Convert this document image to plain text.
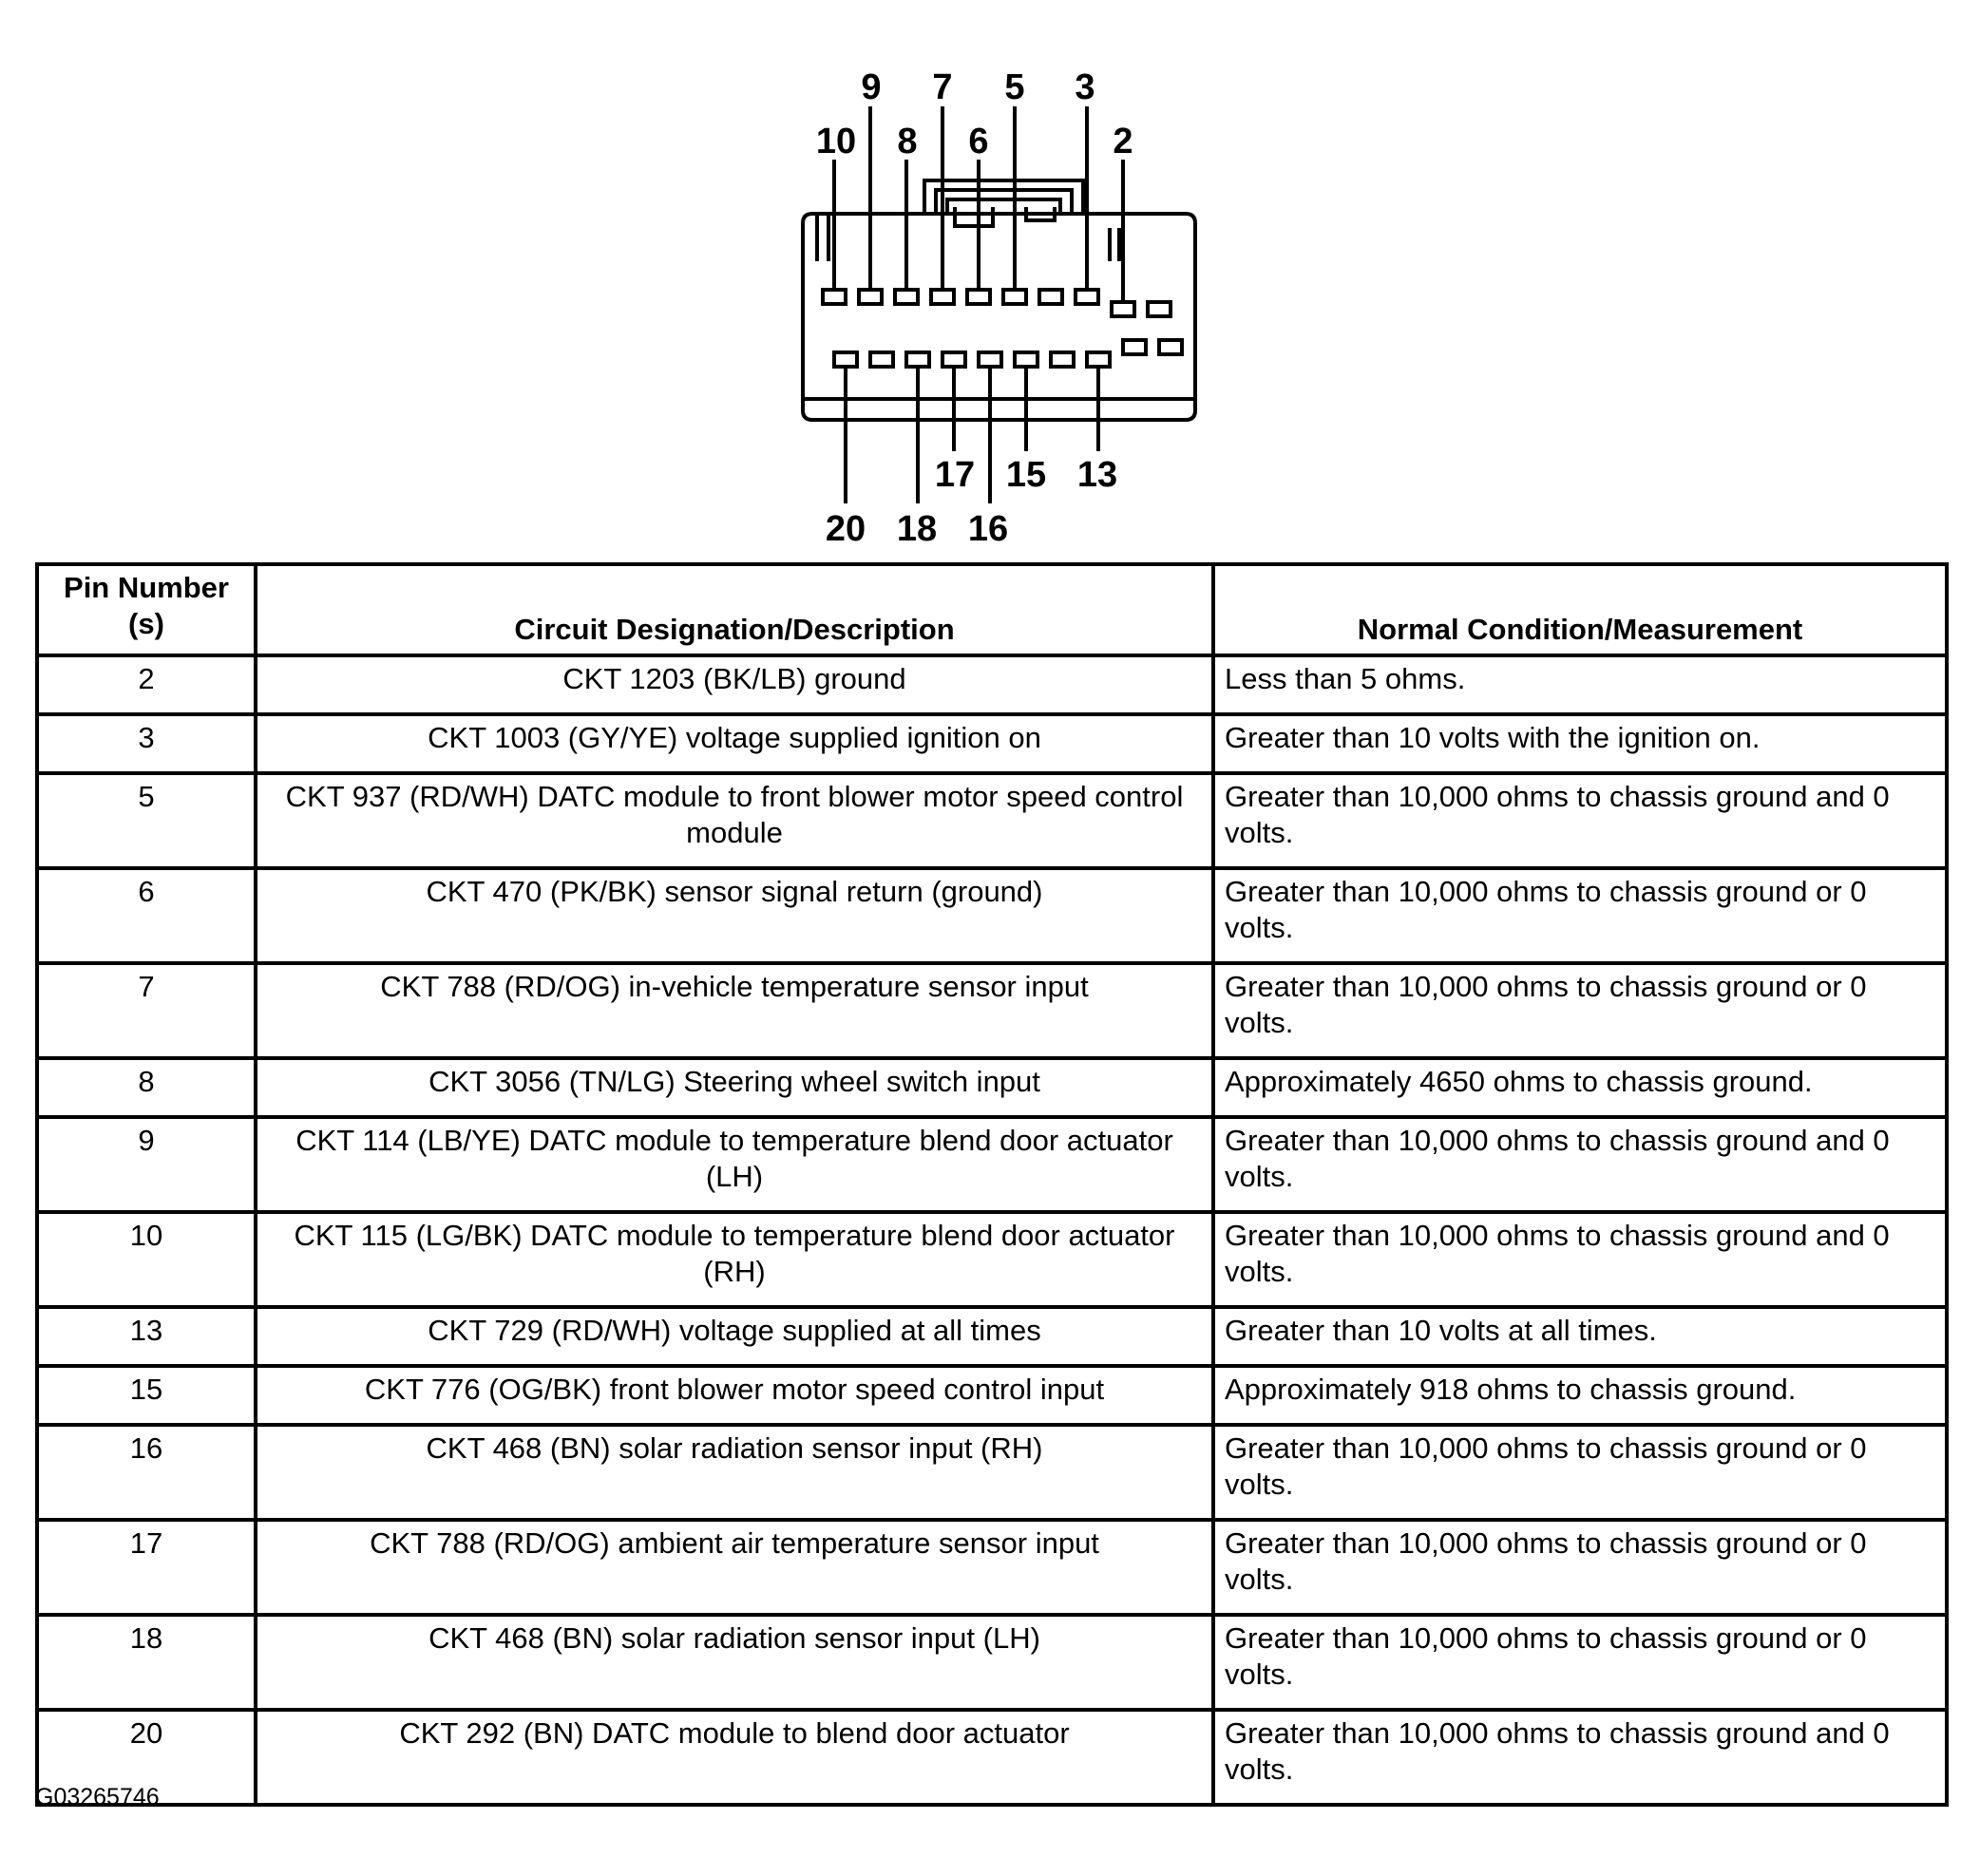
9 7 5 3
10 8 6	2
17 15 13
20 18 16
Pin Number (s)	Circuit Designation/Description	Normal Condition/Measurement
2	CKT 1203 (BK/LB) ground	Less than 5 ohms.
3	CKT 1003 (GY/YE) voltage supplied ignition on	Greater than 10 volts with the ignition on.
5	CKT 937 (RD/WH) DATC module to front blower motor speed control module	Greater than 10,000 ohms to chassis ground and 0 volts.
6	CKT 470 (PK/BK) sensor signal return (ground)	Greater than 10,000 ohms to chassis ground or 0 volts.
7	CKT 788 (RD/OG) in-vehicle temperature sensor input	Greater than 10,000 ohms to chassis ground or 0 volts.
8	CKT 3056 (TN/LG) Steering wheel switch input	Approximately 4650 ohms to chassis ground.
9	CKT 114 (LB/YE) DATC module to temperature blend door actuator (LH)	Greater than 10,000 ohms to chassis ground and 0 volts.
10	CKT 115 (LG/BK) DATC module to temperature blend door actuator (RH)	Greater than 10,000 ohms to chassis ground and 0 volts.
13	CKT 729 (RD/WH) voltage supplied at all times	Greater than 10 volts at all times.
15	CKT 776 (OG/BK) front blower motor speed control input	Approximately 918 ohms to chassis ground.
16	CKT 468 (BN) solar radiation sensor input (RH)	Greater than 10,000 ohms to chassis ground or 0 volts.
17	CKT 788 (RD/OG) ambient air temperature sensor input	Greater than 10,000 ohms to chassis ground or 0 volts.
18	CKT 468 (BN) solar radiation sensor input (LH)	Greater than 10,000 ohms to chassis ground or 0 volts.
20	CKT 292 (BN) DATC module to blend door actuator	Greater than 10,000 ohms to chassis ground and 0 volts.
G03265746
